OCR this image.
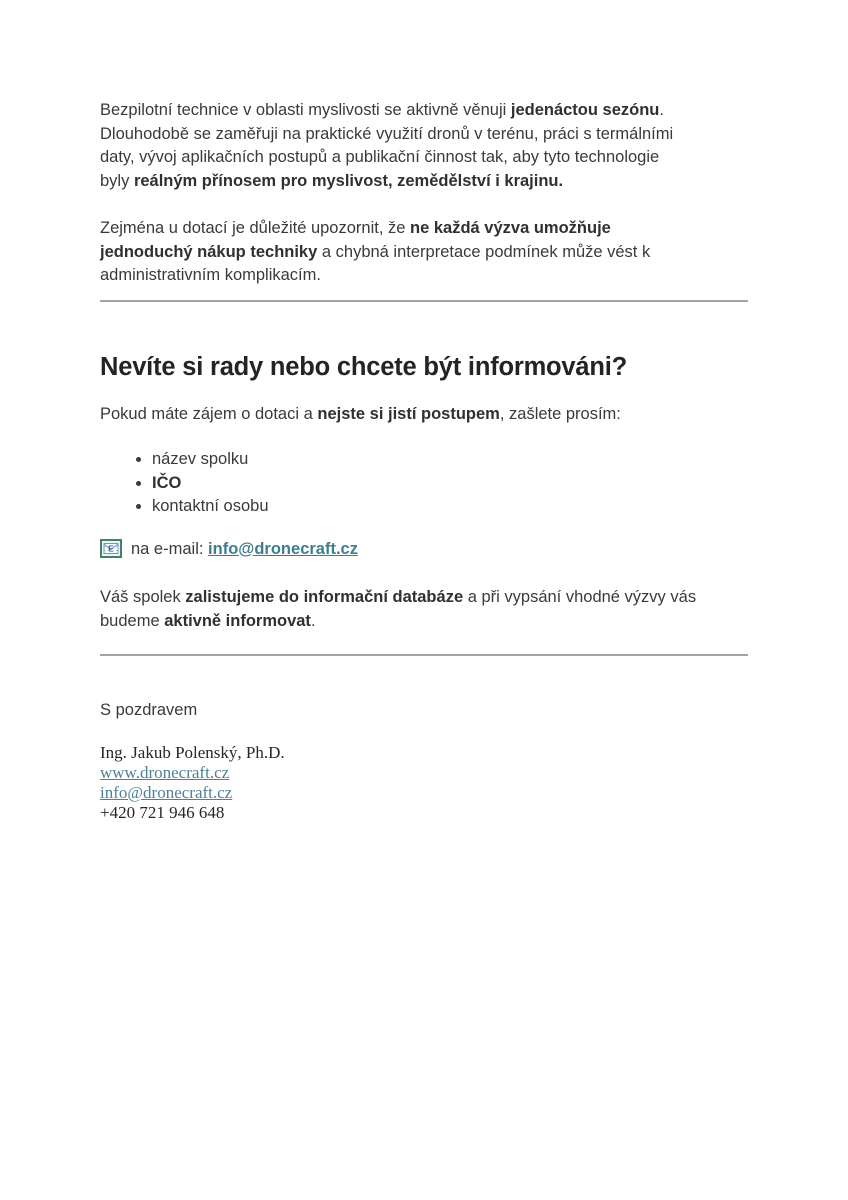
Bezpilotní technice v oblasti myslivosti se aktivně věnuji jedenáctou sezónu.
Dlouhodobě se zaměřuji na praktické využití dronů v terénu, práci s termálními
daty, vývoj aplikačních postupů a publikační činnost tak, aby tyto technologie
byly reálným přínosem pro myslivost, zemědělství i krajinu.

Zejména u dotací je důležité upozornit, že ne každá výzva umožňuje
jednoduchý nákup techniky a chybná interpretace podmínek může vést k
administrativním komplikacím.

Nevíte si rady nebo chcete být informováni?

Pokud máte zájem o dotaci a nejste si jistí postupem, zašlete prosím:

• název spolku
• IČO
• kontaktní osobu

E na e-mail: info@dronecraft.cz

Váš spolek zalistujeme do informační databáze a při vypsání vhodné výzvy vás
budeme aktivně informovat.

S pozdravem

Ing. Jakub Polenský, Ph.D.
www.dronecraft.cz
info@dronecraft.cz
+420 721 946 648
